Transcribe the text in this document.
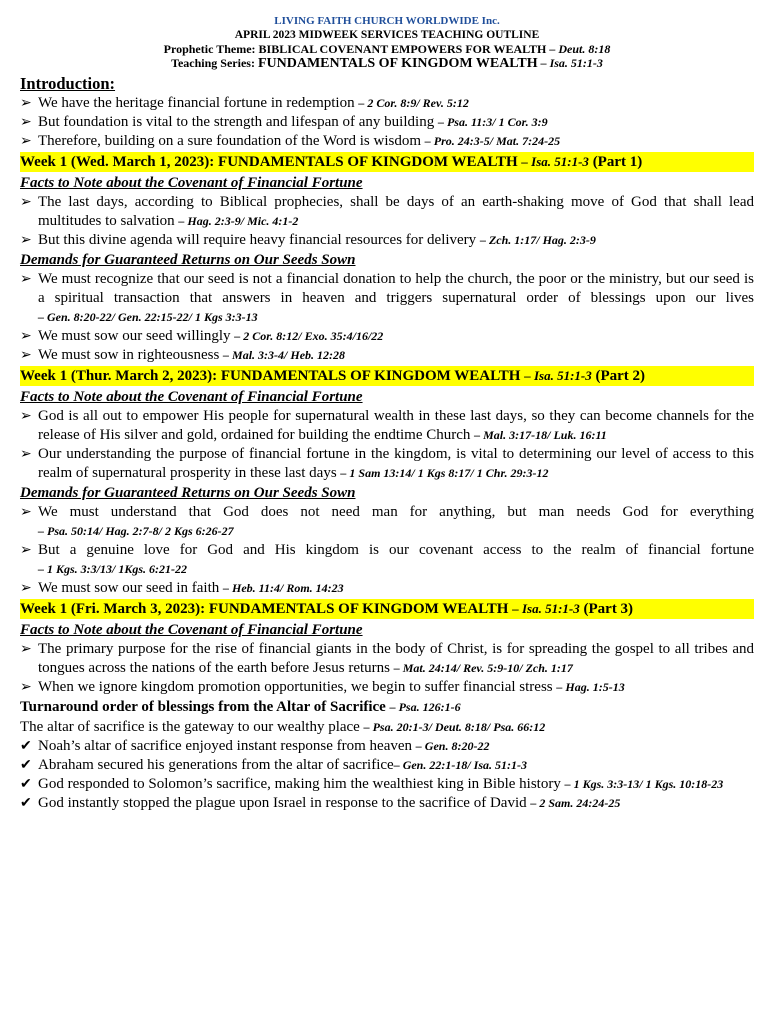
LIVING FAITH CHURCH WORLDWIDE Inc.
APRIL 2023 MIDWEEK SERVICES TEACHING OUTLINE
Prophetic Theme: BIBLICAL COVENANT EMPOWERS FOR WEALTH – Deut. 8:18
Teaching Series: FUNDAMENTALS OF KINGDOM WEALTH – Isa. 51:1-3
Introduction:
➢ We have the heritage financial fortune in redemption – 2 Cor. 8:9/ Rev. 5:12
➢ But foundation is vital to the strength and lifespan of any building – Psa. 11:3/ 1 Cor. 3:9
➢ Therefore, building on a sure foundation of the Word is wisdom – Pro. 24:3-5/ Mat. 7:24-25
Week 1 (Wed. March 1, 2023): FUNDAMENTALS OF KINGDOM WEALTH – Isa. 51:1-3 (Part 1)
Facts to Note about the Covenant of Financial Fortune
➢ The last days, according to Biblical prophecies, shall be days of an earth-shaking move of God that shall lead multitudes to salvation – Hag. 2:3-9/ Mic. 4:1-2
➢ But this divine agenda will require heavy financial resources for delivery – Zch. 1:17/ Hag. 2:3-9
Demands for Guaranteed Returns on Our Seeds Sown
➢ We must recognize that our seed is not a financial donation to help the church, the poor or the ministry, but our seed is a spiritual transaction that answers in heaven and triggers supernatural order of blessings upon our lives – Gen. 8:20-22/ Gen. 22:15-22/ 1 Kgs 3:3-13
➢ We must sow our seed willingly – 2 Cor. 8:12/ Exo. 35:4/16/22
➢ We must sow in righteousness – Mal. 3:3-4/ Heb. 12:28
Week 1 (Thur. March 2, 2023): FUNDAMENTALS OF KINGDOM WEALTH – Isa. 51:1-3 (Part 2)
Facts to Note about the Covenant of Financial Fortune
➢ God is all out to empower His people for supernatural wealth in these last days, so they can become channels for the release of His silver and gold, ordained for building the endtime Church – Mal. 3:17-18/ Luk. 16:11
➢ Our understanding the purpose of financial fortune in the kingdom, is vital to determining our level of access to this realm of supernatural prosperity in these last days – 1 Sam 13:14/ 1 Kgs 8:17/ 1 Chr. 29:3-12
Demands for Guaranteed Returns on Our Seeds Sown
➢ We must understand that God does not need man for anything, but man needs God for everything – Psa. 50:14/ Hag. 2:7-8/ 2 Kgs 6:26-27
➢ But a genuine love for God and His kingdom is our covenant access to the realm of financial fortune – 1 Kgs. 3:3/13/ 1Kgs. 6:21-22
➢ We must sow our seed in faith – Heb. 11:4/ Rom. 14:23
Week 1 (Fri. March 3, 2023): FUNDAMENTALS OF KINGDOM WEALTH – Isa. 51:1-3 (Part 3)
Facts to Note about the Covenant of Financial Fortune
➢ The primary purpose for the rise of financial giants in the body of Christ, is for spreading the gospel to all tribes and tongues across the nations of the earth before Jesus returns – Mat. 24:14/ Rev. 5:9-10/ Zch. 1:17
➢ When we ignore kingdom promotion opportunities, we begin to suffer financial stress – Hag. 1:5-13
Turnaround order of blessings from the Altar of Sacrifice – Psa. 126:1-6
The altar of sacrifice is the gateway to our wealthy place – Psa. 20:1-3/ Deut. 8:18/ Psa. 66:12
✔ Noah’s altar of sacrifice enjoyed instant response from heaven – Gen. 8:20-22
✔ Abraham secured his generations from the altar of sacrifice– Gen. 22:1-18/ Isa. 51:1-3
✔ God responded to Solomon’s sacrifice, making him the wealthiest king in Bible history – 1 Kgs. 3:3-13/ 1 Kgs. 10:18-23
✔ God instantly stopped the plague upon Israel in response to the sacrifice of David – 2 Sam. 24:24-25
